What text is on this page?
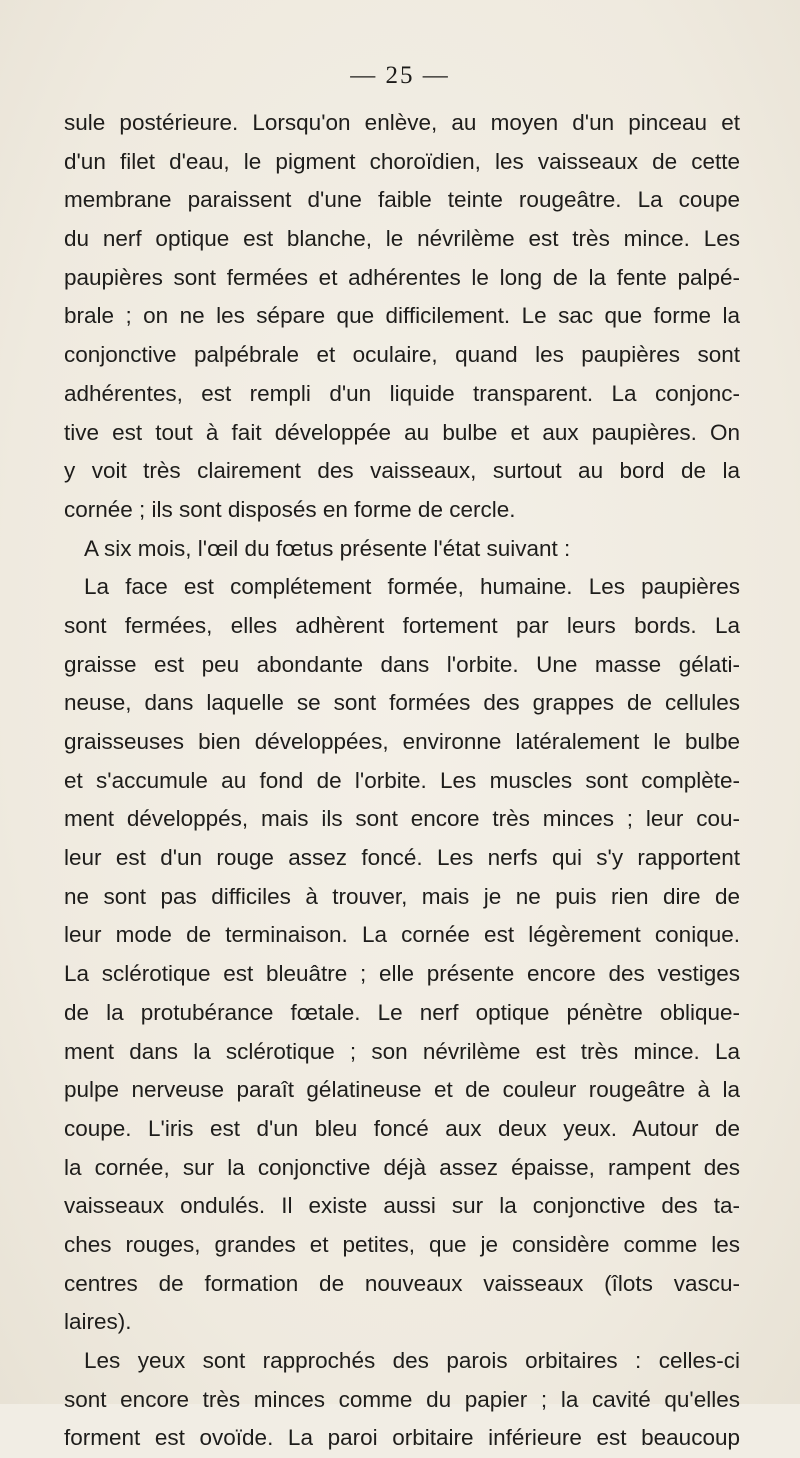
— 25 —
sule postérieure. Lorsqu'on enlève, au moyen d'un pinceau et
d'un filet d'eau, le pigment choroïdien, les vaisseaux de cette
membrane paraissent d'une faible teinte rougeâtre. La coupe
du nerf optique est blanche, le névrilème est très mince. Les
paupières sont fermées et adhérentes le long de la fente palpé-
brale ; on ne les sépare que difficilement. Le sac que forme la
conjonctive palpébrale et oculaire, quand les paupières sont
adhérentes, est rempli d'un liquide transparent. La conjonc-
tive est tout à fait développée au bulbe et aux paupières. On
y voit très clairement des vaisseaux, surtout au bord de la
cornée ; ils sont disposés en forme de cercle.
A six mois, l'œil du fœtus présente l'état suivant :
La face est complétement formée, humaine. Les paupières
sont fermées, elles adhèrent fortement par leurs bords. La
graisse est peu abondante dans l'orbite. Une masse gélati-
neuse, dans laquelle se sont formées des grappes de cellules
graisseuses bien développées, environne latéralement le bulbe
et s'accumule au fond de l'orbite. Les muscles sont complète-
ment développés, mais ils sont encore très minces ; leur cou-
leur est d'un rouge assez foncé. Les nerfs qui s'y rapportent
ne sont pas difficiles à trouver, mais je ne puis rien dire de
leur mode de terminaison. La cornée est légèrement conique.
La sclérotique est bleuâtre ; elle présente encore des vestiges
de la protubérance fœtale. Le nerf optique pénètre oblique-
ment dans la sclérotique ; son névrilème est très mince. La
pulpe nerveuse paraît gélatineuse et de couleur rougeâtre à la
coupe. L'iris est d'un bleu foncé aux deux yeux. Autour de
la cornée, sur la conjonctive déjà assez épaisse, rampent des
vaisseaux ondulés. Il existe aussi sur la conjonctive des ta-
ches rouges, grandes et petites, que je considère comme les
centres de formation de nouveaux vaisseaux (îlots vascu-
laires).
Les yeux sont rapprochés des parois orbitaires : celles-ci
sont encore très minces comme du papier ; la cavité qu'elles
forment est ovoïde. La paroi orbitaire inférieure est beaucoup
